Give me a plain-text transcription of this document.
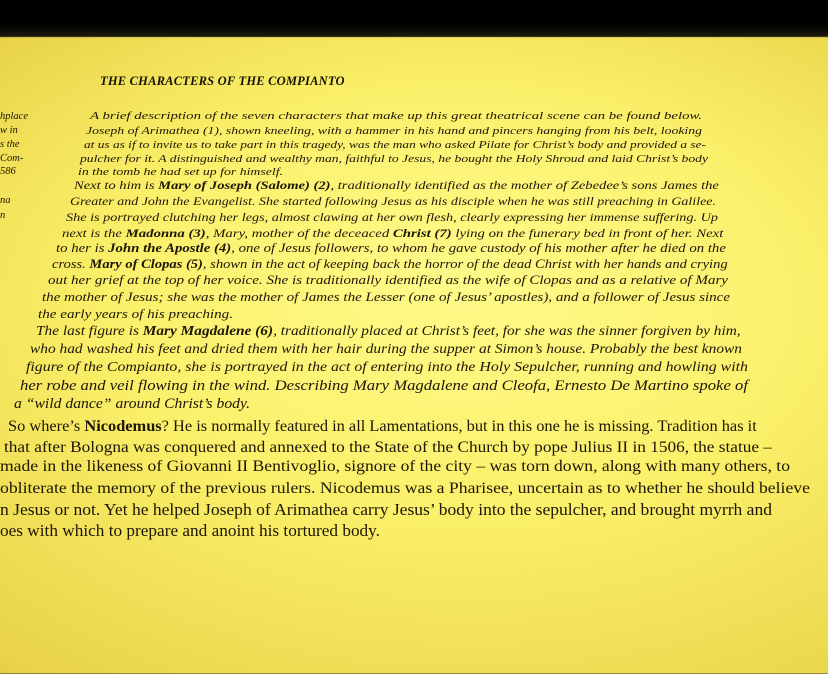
THE CHARACTERS OF THE COMPIANTO
hplace
w in
s the
Com-
586
na
n
A brief description of the seven characters that make up this great theatrical scene can be found below.
Joseph of Arimathea (1), shown kneeling, with a hammer in his hand and pincers hanging from his belt, looking
at us as if to invite us to take part in this tragedy, was the man who asked Pilate for Christ’s body and provided a se-
pulcher for it. A distinguished and wealthy man, faithful to Jesus, he bought the Holy Shroud and laid Christ’s body
in the tomb he had set up for himself.
Next to him is Mary of Joseph (Salome) (2), traditionally identified as the mother of Zebedee’s sons James the
Greater and John the Evangelist. She started following Jesus as his disciple when he was still preaching in Galilee.
She is portrayed clutching her legs, almost clawing at her own flesh, clearly expressing her immense suffering. Up
next is the Madonna (3), Mary, mother of the deceaced Christ (7) lying on the funerary bed in front of her. Next
to her is John the Apostle (4), one of Jesus followers, to whom he gave custody of his mother after he died on the
cross. Mary of Clopas (5), shown in the act of keeping back the horror of the dead Christ with her hands and crying
out her grief at the top of her voice. She is traditionally identified as the wife of Clopas and as a relative of Mary
the mother of Jesus; she was the mother of James the Lesser (one of Jesus’ apostles), and a follower of Jesus since
the early years of his preaching.
The last figure is Mary Magdalene (6), traditionally placed at Christ’s feet, for she was the sinner forgiven by him,
who had washed his feet and dried them with her hair during the supper at Simon’s house. Probably the best known
figure of the Compianto, she is portrayed in the act of entering into the Holy Sepulcher, running and howling with
her robe and veil flowing in the wind. Describing Mary Magdalene and Cleofa, Ernesto De Martino spoke of
a “wild dance” around Christ’s body.
So where’s Nicodemus? He is normally featured in all Lamentations, but in this one he is missing. Tradition has it
that after Bologna was conquered and annexed to the State of the Church by pope Julius II in 1506, the statue –
made in the likeness of Giovanni II Bentivoglio, signore of the city – was torn down, along with many others, to
obliterate the memory of the previous rulers. Nicodemus was a Pharisee, uncertain as to whether he should believe
n Jesus or not. Yet he helped Joseph of Arimathea carry Jesus’ body into the sepulcher, and brought myrrh and
oes with which to prepare and anoint his tortured body.
